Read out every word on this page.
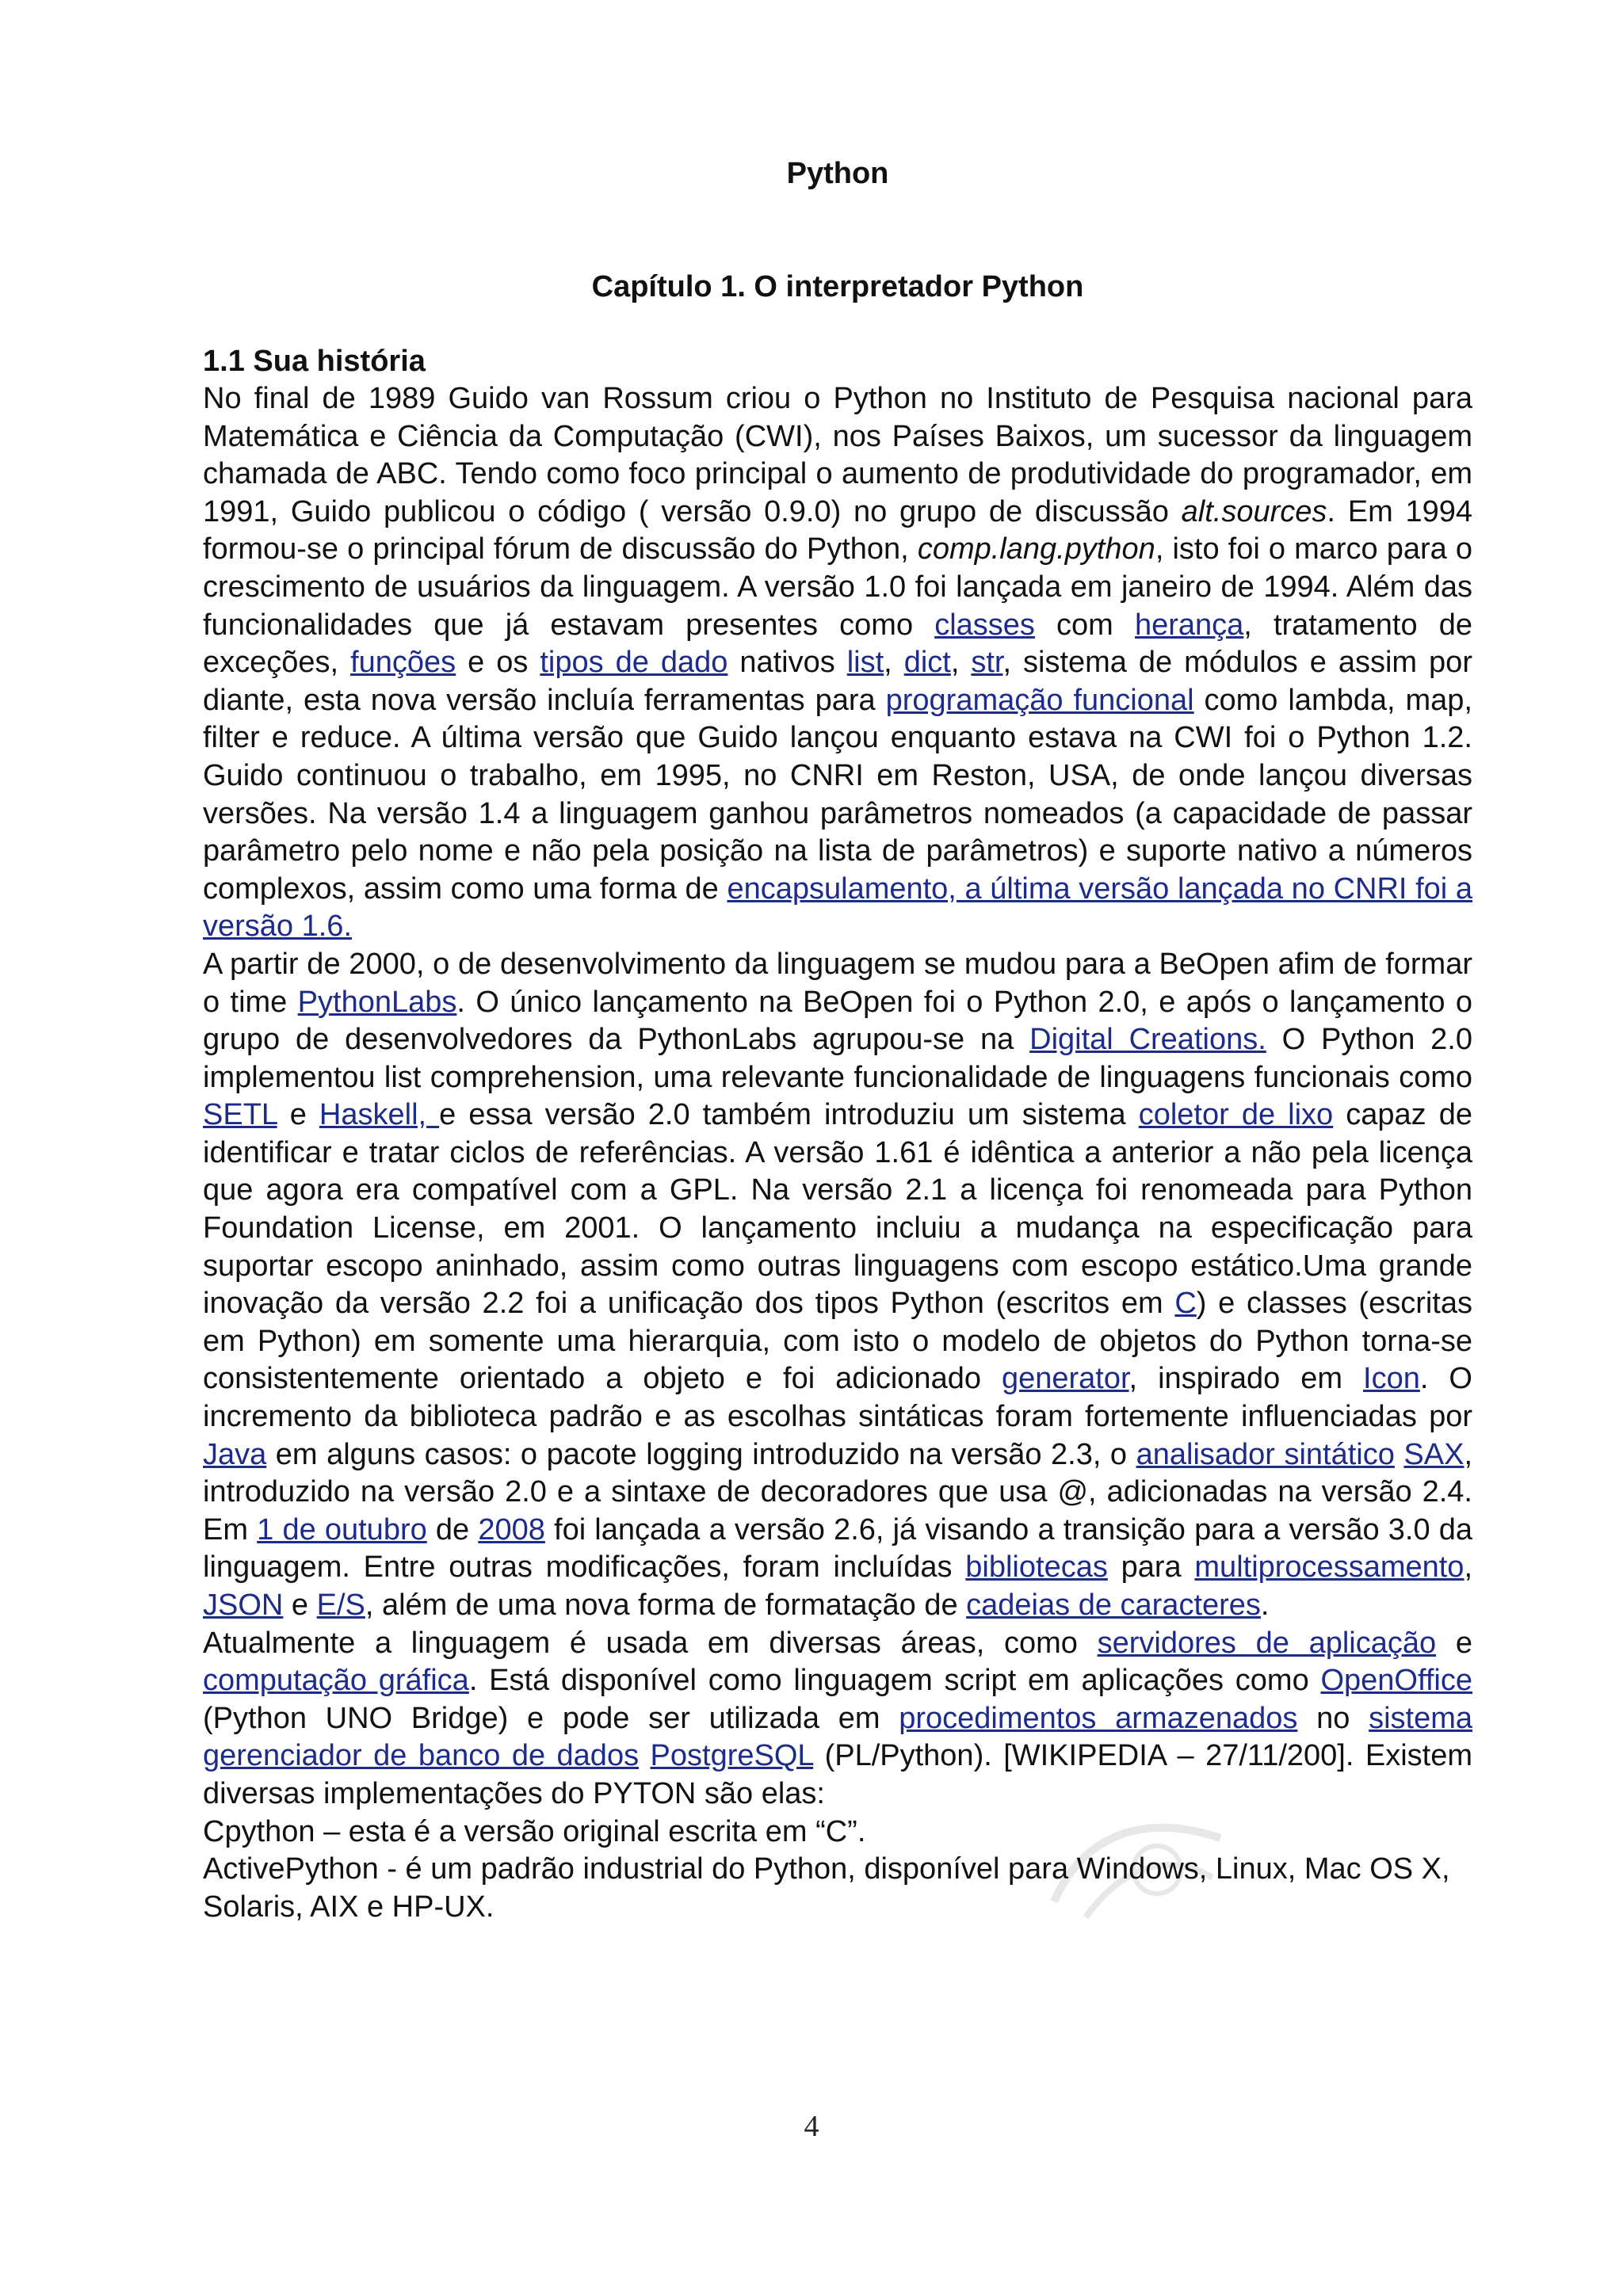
Python
Capítulo 1. O interpretador Python
1.1 Sua história

No final de 1989 Guido van Rossum criou o Python no Instituto de Pesquisa nacional para Matemática e Ciência da Computação (CWI), nos Países Baixos, um sucessor da linguagem chamada de ABC. Tendo como foco principal o aumento de produtividade do programador, em 1991, Guido publicou o código ( versão 0.9.0) no grupo de discussão alt.sources. Em 1994 formou-se o principal fórum de discussão do Python, comp.lang.python, isto foi o marco para o crescimento de usuários da linguagem. A versão 1.0 foi lançada em janeiro de 1994. Além das funcionalidades que já estavam presentes como classes com herança, tratamento de exceções, funções e os tipos de dado nativos list, dict, str, sistema de módulos e assim por diante, esta nova versão incluía ferramentas para programação funcional como lambda, map, filter e reduce. A última versão que Guido lançou enquanto estava na CWI foi o Python 1.2. Guido continuou o trabalho, em 1995, no CNRI em Reston, USA, de onde lançou diversas versões. Na versão 1.4 a linguagem ganhou parâmetros nomeados (a capacidade de passar parâmetro pelo nome e não pela posição na lista de parâmetros) e suporte nativo a números complexos, assim como uma forma de encapsulamento, a última versão lançada no CNRI foi a versão 1.6.

A partir de 2000, o de desenvolvimento da linguagem se mudou para a BeOpen afim de formar o time PythonLabs. O único lançamento na BeOpen foi o Python 2.0, e após o lançamento o grupo de desenvolvedores da PythonLabs agrupou-se na Digital Creations. O Python 2.0 implementou list comprehension, uma relevante funcionalidade de linguagens funcionais como SETL e Haskell, e essa versão 2.0 também introduziu um sistema coletor de lixo capaz de identificar e tratar ciclos de referências. A versão 1.61 é idêntica a anterior a não pela licença que agora era compatível com a GPL. Na versão 2.1 a licença foi renomeada para Python Foundation License, em 2001. O lançamento incluiu a mudança na especificação para suportar escopo aninhado, assim como outras linguagens com escopo estático.Uma grande inovação da versão 2.2 foi a unificação dos tipos Python (escritos em C) e classes (escritas em Python) em somente uma hierarquia, com isto o modelo de objetos do Python torna-se consistentemente orientado a objeto e foi adicionado generator, inspirado em Icon. O incremento da biblioteca padrão e as escolhas sintáticas foram fortemente influenciadas por Java em alguns casos: o pacote logging introduzido na versão 2.3, o analisador sintático SAX, introduzido na versão 2.0 e a sintaxe de decoradores que usa @, adicionadas na versão 2.4. Em 1 de outubro de 2008 foi lançada a versão 2.6, já visando a transição para a versão 3.0 da linguagem. Entre outras modificações, foram incluídas bibliotecas para multiprocessamento, JSON e E/S, além de uma nova forma de formatação de cadeias de caracteres.

Atualmente a linguagem é usada em diversas áreas, como servidores de aplicação e computação gráfica. Está disponível como linguagem script em aplicações como OpenOffice (Python UNO Bridge) e pode ser utilizada em procedimentos armazenados no sistema gerenciador de banco de dados PostgreSQL (PL/Python). [WIKIPEDIA – 27/11/200]. Existem diversas implementações do PYTON são elas:

Cpython – esta é a versão original escrita em “C”.

ActivePython - é um padrão industrial do Python, disponível para Windows, Linux, Mac OS X, Solaris, AIX e HP-UX.

4
